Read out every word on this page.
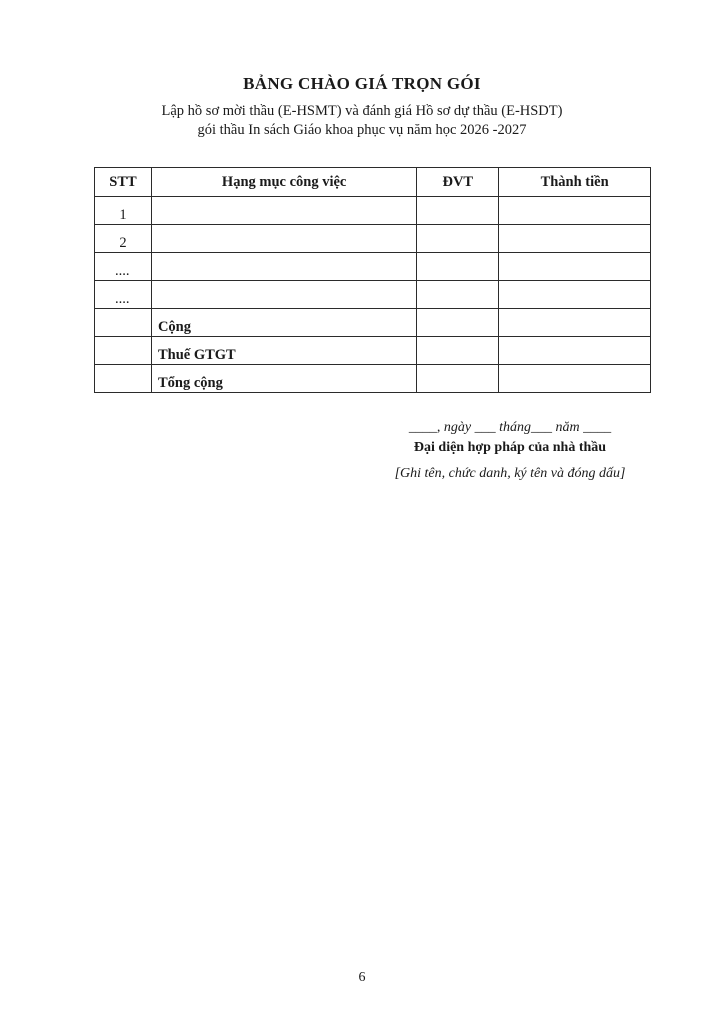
BẢNG CHÀO GIÁ TRỌN GÓI
Lập hồ sơ mời thầu (E-HSMT) và đánh giá Hồ sơ dự thầu (E-HSDT)
gói thầu In sách Giáo khoa phục vụ năm học 2026 -2027
STT	Hạng mục công việc	ĐVT	Thành tiền
1			
2			
....			
....			
	Cộng		
	Thuế GTGT		
	Tổng cộng		
____, ngày ___ tháng___ năm ____
Đại diện hợp pháp của nhà thầu
[Ghi tên, chức danh, ký tên và đóng dấu]
6
